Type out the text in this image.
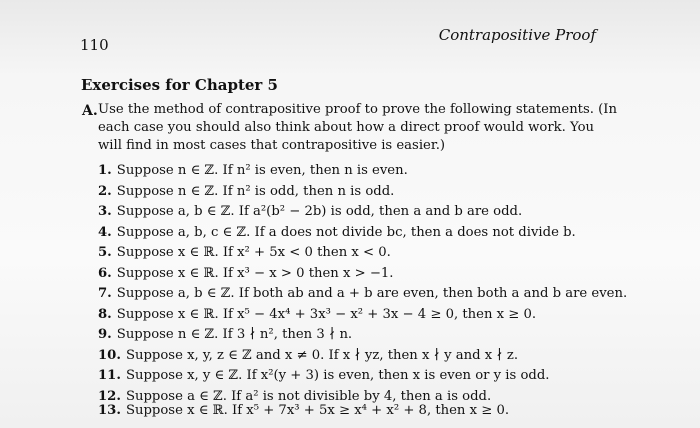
110
Contrapositive Proof
Exercises for Chapter 5
A. Use the method of contrapositive proof to prove the following statements. (In each case you should also think about how a direct proof would work. You will find in most cases that contrapositive is easier.)

1. Suppose n ∈ ℤ. If n² is even, then n is even.
2. Suppose n ∈ ℤ. If n² is odd, then n is odd.
3. Suppose a, b ∈ ℤ. If a²(b² − 2b) is odd, then a and b are odd.
4. Suppose a, b, c ∈ ℤ. If a does not divide bc, then a does not divide b.
5. Suppose x ∈ ℝ. If x² + 5x < 0 then x < 0.
6. Suppose x ∈ ℝ. If x³ − x > 0 then x > −1.
7. Suppose a, b ∈ ℤ. If both ab and a + b are even, then both a and b are even.
8. Suppose x ∈ ℝ. If x⁵ − 4x⁴ + 3x³ − x² + 3x − 4 ≥ 0, then x ≥ 0.
9. Suppose n ∈ ℤ. If 3 ∤ n², then 3 ∤ n.
10. Suppose x, y, z ∈ ℤ and x ≠ 0. If x ∤ yz, then x ∤ y and x ∤ z.
11. Suppose x, y ∈ ℤ. If x²(y + 3) is even, then x is even or y is odd.
12. Suppose a ∈ ℤ. If a² is not divisible by 4, then a is odd.
13. Suppose x ∈ ℝ. If x⁵ + 7x³ + 5x ≥ x⁴ + x² + 8, then x ≥ 0.
